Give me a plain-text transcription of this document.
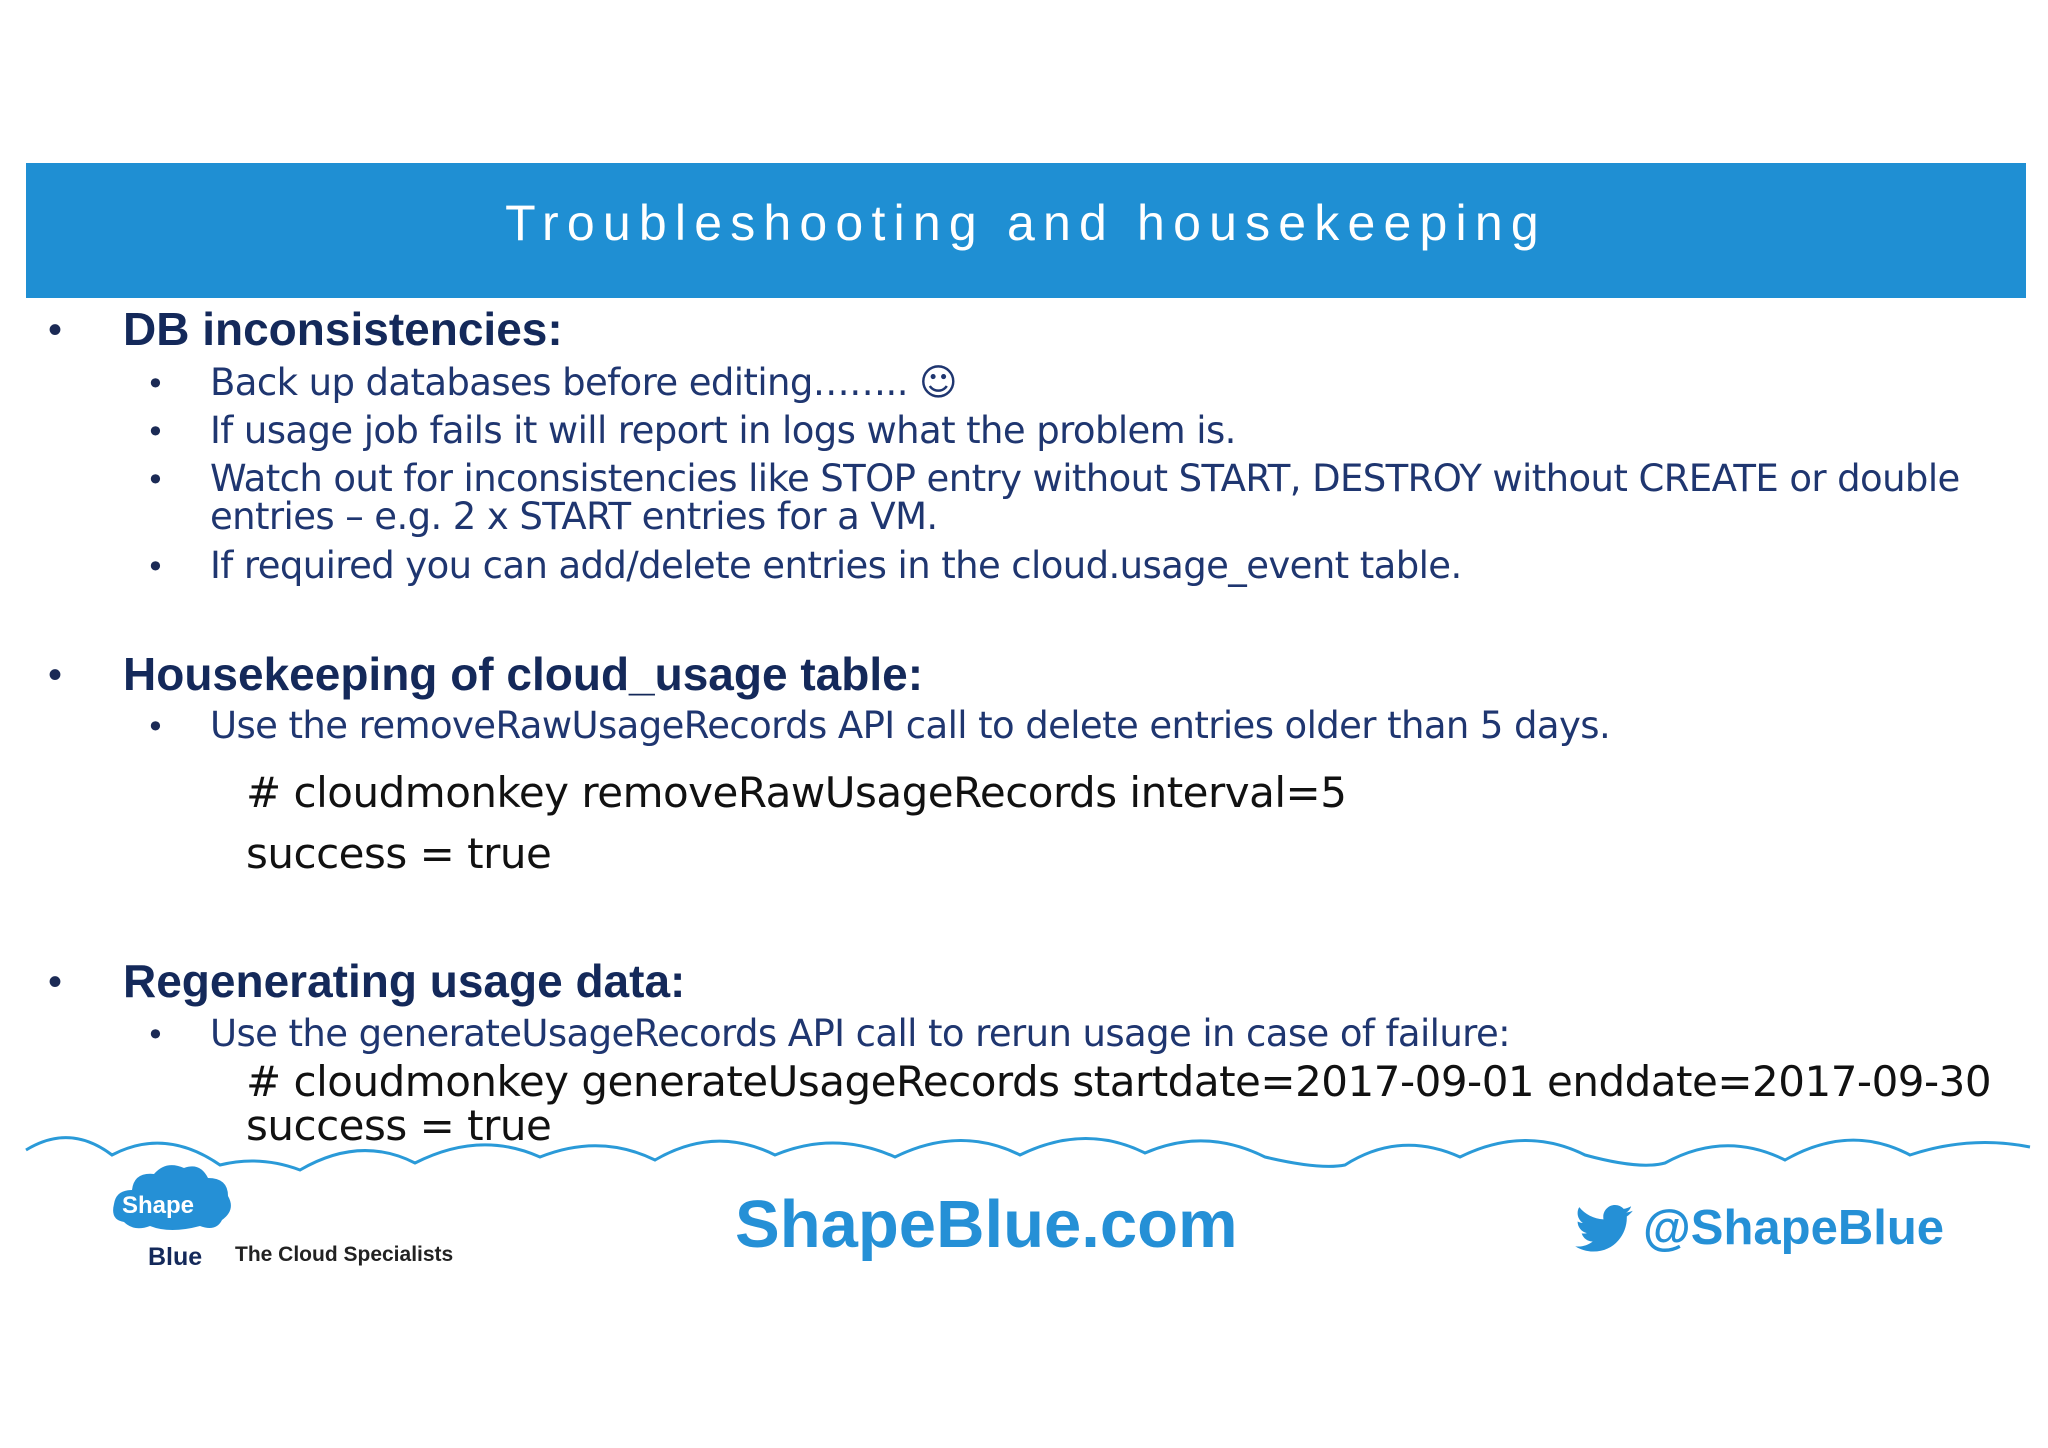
Troubleshooting and housekeeping
• DB inconsistencies:
• Back up databases before editing…….. ☺
• If usage job fails it will report in logs what the problem is.
• Watch out for inconsistencies like STOP entry without START, DESTROY without CREATE or double
entries – e.g. 2 x START entries for a VM.
• If required you can add/delete entries in the cloud.usage_event table.
• Housekeeping of cloud_usage table:
• Use the removeRawUsageRecords API call to delete entries older than 5 days.
# cloudmonkey removeRawUsageRecords interval=5
success = true
• Regenerating usage data:
• Use the generateUsageRecords API call to rerun usage in case of failure:
# cloudmonkey generateUsageRecords startdate=2017-09-01 enddate=2017-09-30
success = true
Shape
Blue The Cloud Specialists	ShapeBlue.com	@ShapeBlue
